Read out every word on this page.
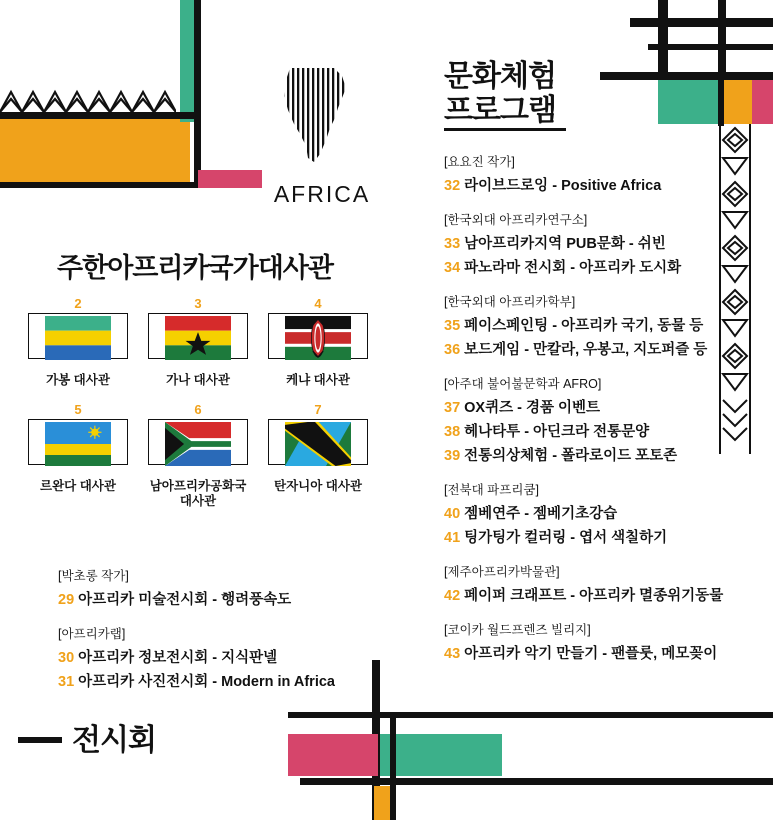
AFRICA
문화체험
프로그램
[요요진 작가]
32 라이브드로잉 - Positive Africa
[한국외대 아프리카연구소]
33 남아프리카지역 PUB문화 - 쉬빈
34 파노라마 전시회 - 아프리카 도시화
[한국외대 아프리카학부]
35 페이스페인팅 - 아프리카 국기, 동물 등
36 보드게임 - 만칼라, 우봉고, 지도퍼즐 등
[아주대 불어불문학과 AFRO]
37 OX퀴즈 - 경품 이벤트
38 헤나타투 - 아딘크라 전통문양
39 전통의상체험 - 폴라로이드 포토존
[전북대 파프리쿰]
40 젬베연주 - 젬베기초강습
41 팅가팅가 컬러링 - 엽서 색칠하기
[제주아프리카박물관]
42 페이퍼 크래프트 - 아프리카 멸종위기동물
[코이카 월드프렌즈 빌리지]
43 아프리카 악기 만들기 - 팬플룻, 메모꽂이
주한아프리카국가대사관
2
가봉 대사관
3
가나 대사관
4
케냐 대사관
5
르완다 대사관
6
남아프리카공화국
대사관
7
탄자니아 대사관
[박초롱 작가]
29 아프리카 미술전시회 - 행려풍속도
[아프리카랩]
30 아프리카 정보전시회 - 지식판넬
31 아프리카 사진전시회 - Modern in Africa
전시회
